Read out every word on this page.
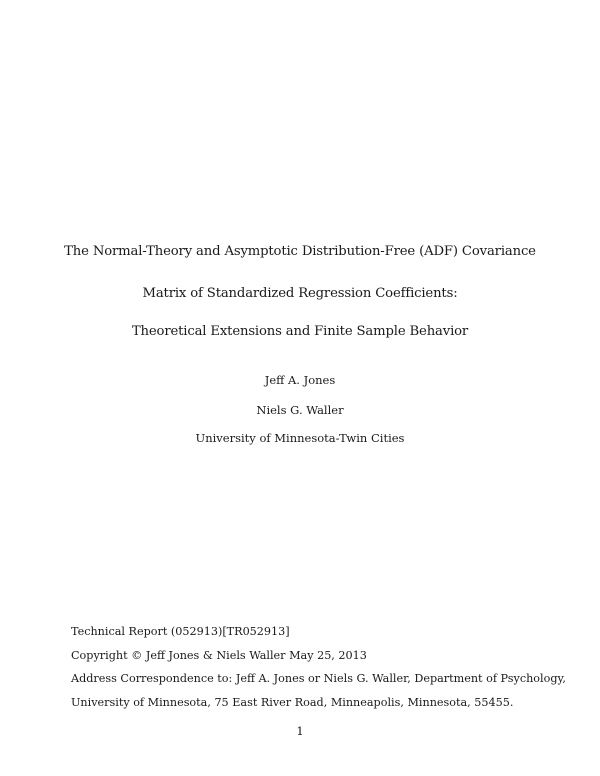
The Normal-Theory and Asymptotic Distribution-Free (ADF) Covariance
Matrix of Standardized Regression Coefficients:
Theoretical Extensions and Finite Sample Behavior
Jeff A. Jones
Niels G. Waller
University of Minnesota-Twin Cities
Technical Report (052913)[TR052913]
Copyright © Jeff Jones & Niels Waller May 25, 2013
Address Correspondence to: Jeff A. Jones or Niels G. Waller, Department of Psychology,
University of Minnesota, 75 East River Road, Minneapolis, Minnesota, 55455.
1
